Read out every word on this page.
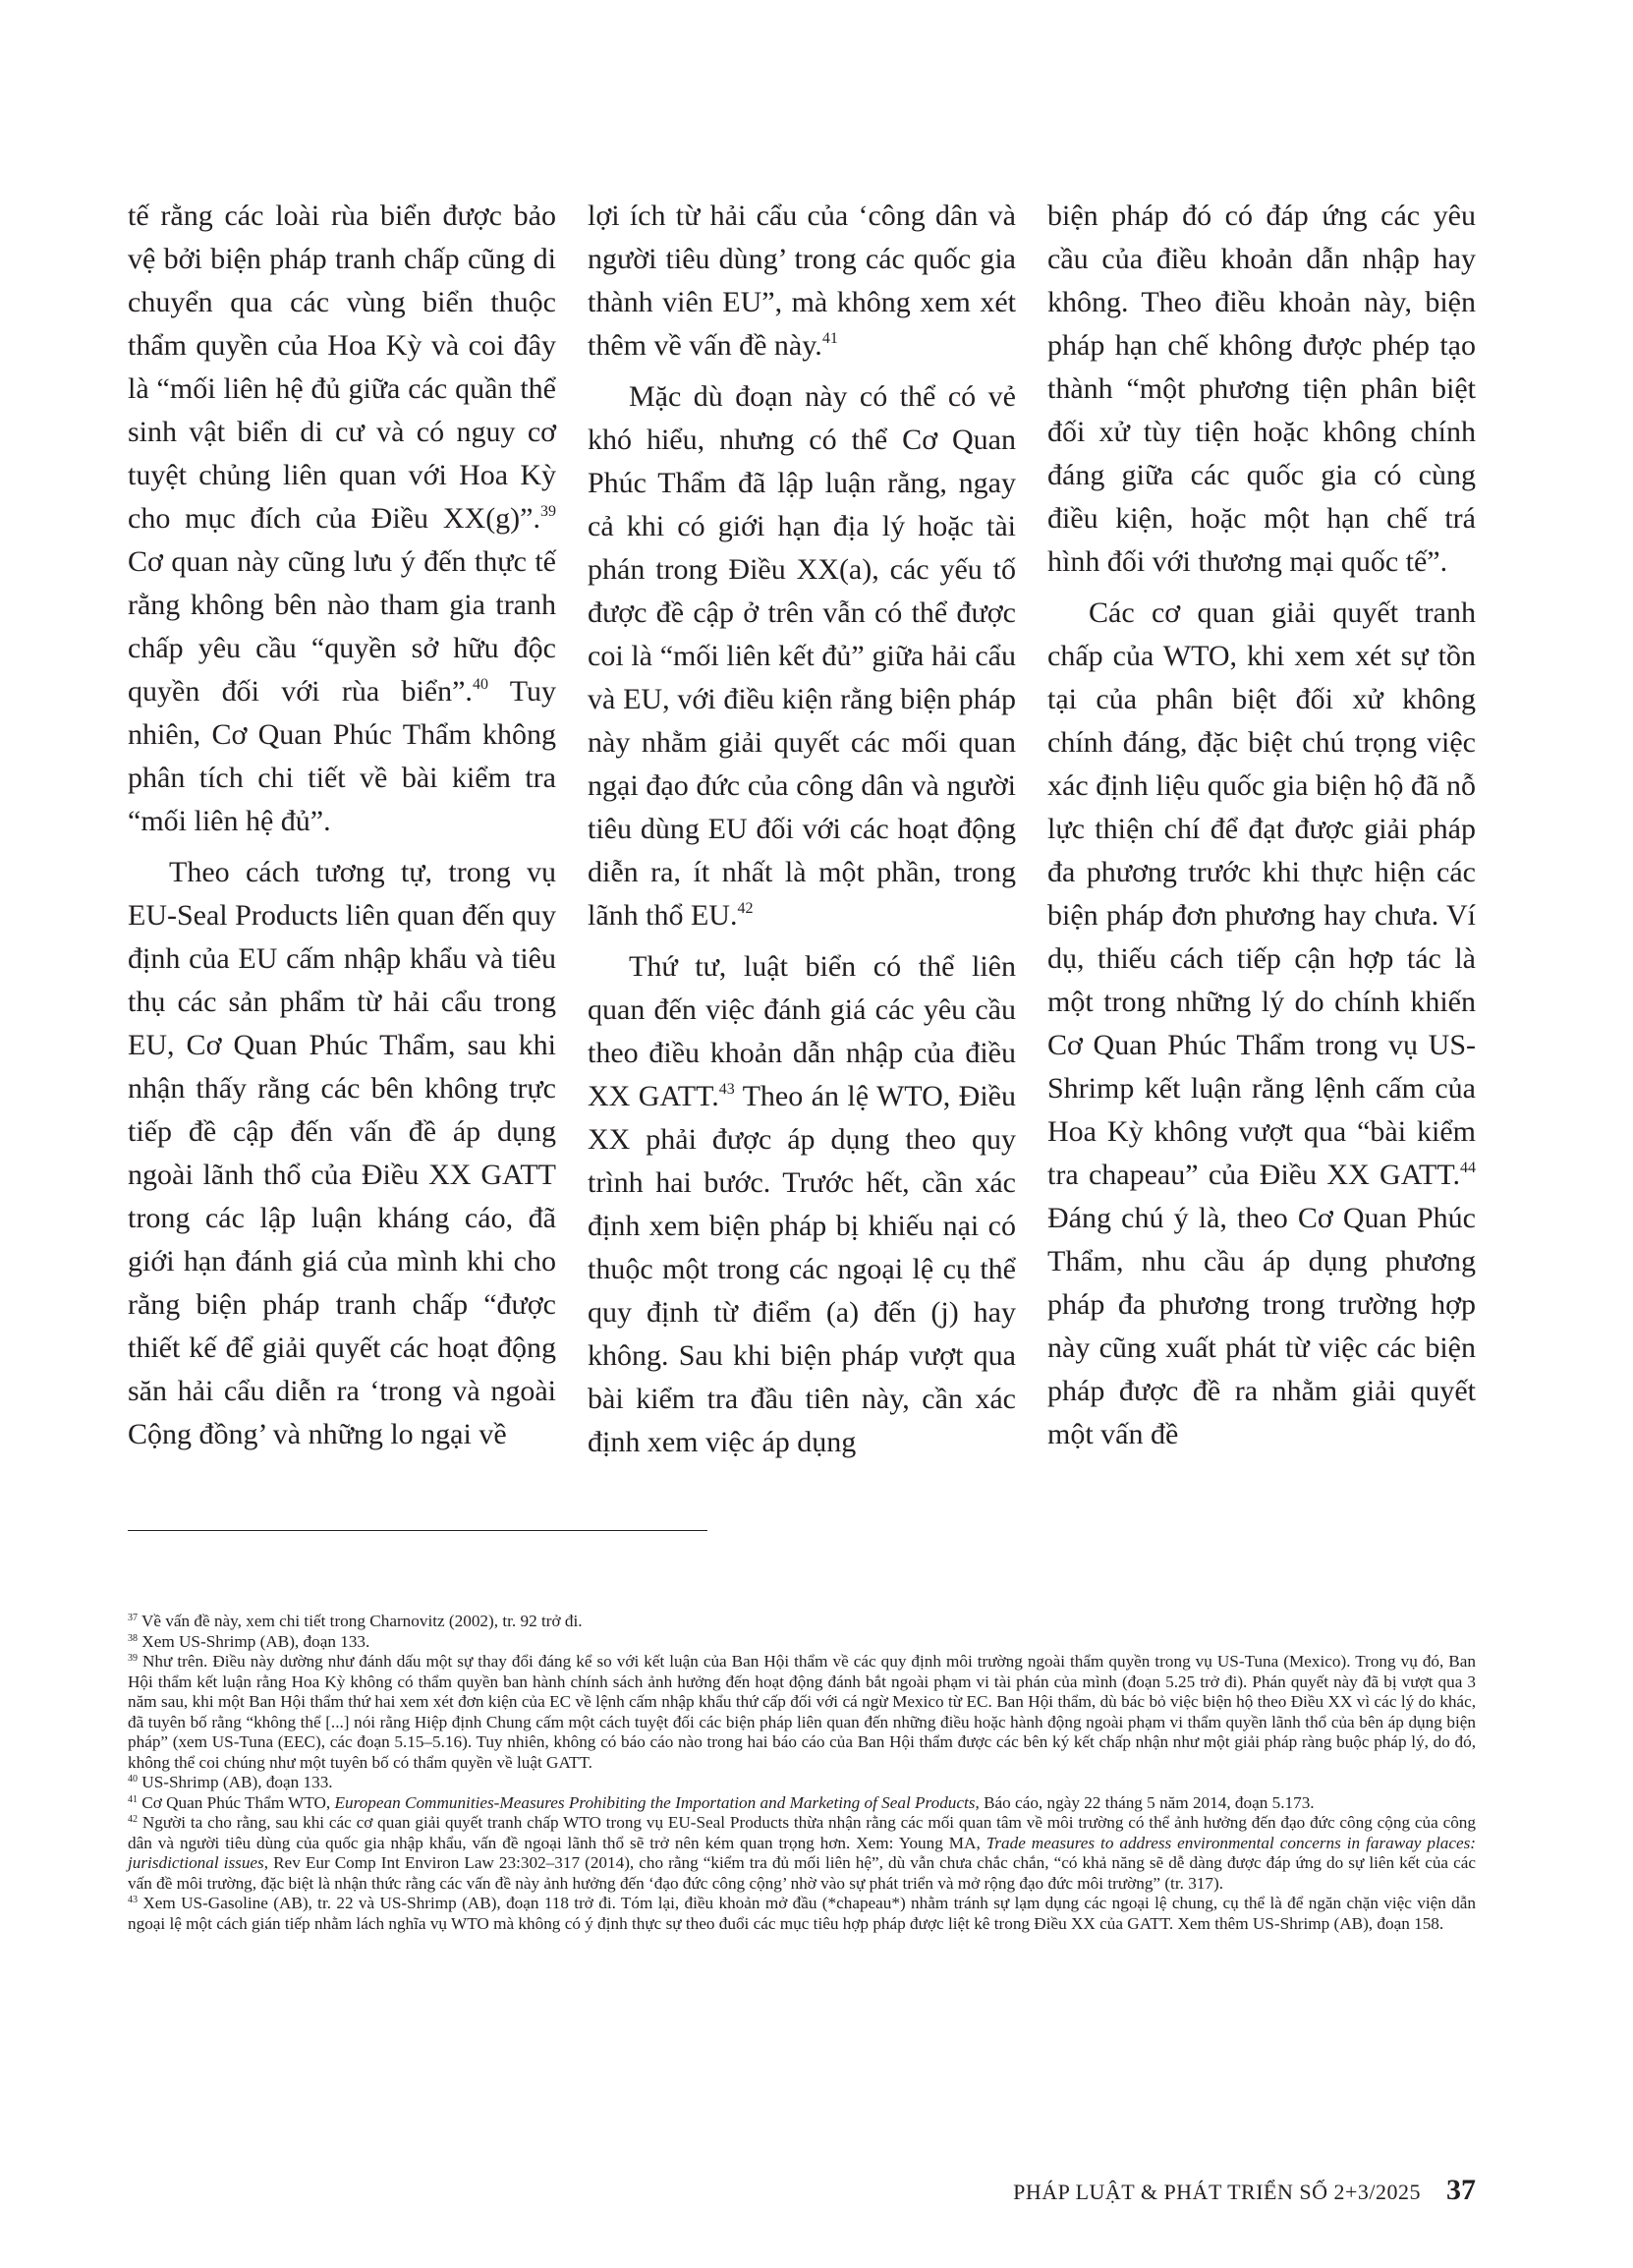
tế rằng các loài rùa biển được bảo vệ bởi biện pháp tranh chấp cũng di chuyển qua các vùng biển thuộc thẩm quyền của Hoa Kỳ và coi đây là “mối liên hệ đủ giữa các quần thể sinh vật biển di cư và có nguy cơ tuyệt chủng liên quan với Hoa Kỳ cho mục đích của Điều XX(g)”.$^{39}$ Cơ quan này cũng lưu ý đến thực tế rằng không bên nào tham gia tranh chấp yêu cầu “quyền sở hữu độc quyền đối với rùa biển”.$^{40}$ Tuy nhiên, Cơ Quan Phúc Thẩm không phân tích chi tiết về bài kiểm tra “mối liên hệ đủ”.

Theo cách tương tự, trong vụ EU-Seal Products liên quan đến quy định của EU cấm nhập khẩu và tiêu thụ các sản phẩm từ hải cẩu trong EU, Cơ Quan Phúc Thẩm, sau khi nhận thấy rằng các bên không trực tiếp đề cập đến vấn đề áp dụng ngoài lãnh thổ của Điều XX GATT trong các lập luận kháng cáo, đã giới hạn đánh giá của mình khi cho rằng biện pháp tranh chấp “được thiết kế để giải quyết các hoạt động săn hải cẩu diễn ra ‘trong và ngoài Cộng đồng’ và những lo ngại về

lợi ích từ hải cẩu của ‘công dân và người tiêu dùng’ trong các quốc gia thành viên EU”, mà không xem xét thêm về vấn đề này.$^{41}$

Mặc dù đoạn này có thể có vẻ khó hiểu, nhưng có thể Cơ Quan Phúc Thẩm đã lập luận rằng, ngay cả khi có giới hạn địa lý hoặc tài phán trong Điều XX(a), các yếu tố được đề cập ở trên vẫn có thể được coi là “mối liên kết đủ” giữa hải cẩu và EU, với điều kiện rằng biện pháp này nhằm giải quyết các mối quan ngại đạo đức của công dân và người tiêu dùng EU đối với các hoạt động diễn ra, ít nhất là một phần, trong lãnh thổ EU.$^{42}$

Thứ tư, luật biển có thể liên quan đến việc đánh giá các yêu cầu theo điều khoản dẫn nhập của điều XX GATT.$^{43}$ Theo án lệ WTO, Điều XX phải được áp dụng theo quy trình hai bước. Trước hết, cần xác định xem biện pháp bị khiếu nại có thuộc một trong các ngoại lệ cụ thể quy định từ điểm (a) đến (j) hay không. Sau khi biện pháp vượt qua bài kiểm tra đầu tiên này, cần xác định xem việc áp dụng

biện pháp đó có đáp ứng các yêu cầu của điều khoản dẫn nhập hay không. Theo điều khoản này, biện pháp hạn chế không được phép tạo thành “một phương tiện phân biệt đối xử tùy tiện hoặc không chính đáng giữa các quốc gia có cùng điều kiện, hoặc một hạn chế trá hình đối với thương mại quốc tế”.

Các cơ quan giải quyết tranh chấp của WTO, khi xem xét sự tồn tại của phân biệt đối xử không chính đáng, đặc biệt chú trọng việc xác định liệu quốc gia biện hộ đã nỗ lực thiện chí để đạt được giải pháp đa phương trước khi thực hiện các biện pháp đơn phương hay chưa. Ví dụ, thiếu cách tiếp cận hợp tác là một trong những lý do chính khiến Cơ Quan Phúc Thẩm trong vụ US-Shrimp kết luận rằng lệnh cấm của Hoa Kỳ không vượt qua “bài kiểm tra chapeau” của Điều XX GATT.$^{44}$ Đáng chú ý là, theo Cơ Quan Phúc Thẩm, nhu cầu áp dụng phương pháp đa phương trong trường hợp này cũng xuất phát từ việc các biện pháp được đề ra nhằm giải quyết một vấn đề

$^{37}$ Về vấn đề này, xem chi tiết trong Charnovitz (2002), tr. 92 trở đi.

$^{38}$ Xem US-Shrimp (AB), đoạn 133.

$^{39}$ Như trên. Điều này dường như đánh dấu một sự thay đổi đáng kể so với kết luận của Ban Hội thẩm về các quy định môi trường ngoài thẩm quyền trong vụ US-Tuna (Mexico). Trong vụ đó, Ban Hội thẩm kết luận rằng Hoa Kỳ không có thẩm quyền ban hành chính sách ảnh hưởng đến hoạt động đánh bắt ngoài phạm vi tài phán của mình (đoạn 5.25 trở đi). Phán quyết này đã bị vượt qua 3 năm sau, khi một Ban Hội thẩm thứ hai xem xét đơn kiện của EC về lệnh cấm nhập khẩu thứ cấp đối với cá ngừ Mexico từ EC. Ban Hội thẩm, dù bác bỏ việc biện hộ theo Điều XX vì các lý do khác, đã tuyên bố rằng “không thể [...] nói rằng Hiệp định Chung cấm một cách tuyệt đối các biện pháp liên quan đến những điều hoặc hành động ngoài phạm vi thẩm quyền lãnh thổ của bên áp dụng biện pháp” (xem US-Tuna (EEC), các đoạn 5.15–5.16). Tuy nhiên, không có báo cáo nào trong hai báo cáo của Ban Hội thẩm được các bên ký kết chấp nhận như một giải pháp ràng buộc pháp lý, do đó, không thể coi chúng như một tuyên bố có thẩm quyền về luật GATT.

$^{40}$ US-Shrimp (AB), đoạn 133.

$^{41}$ Cơ Quan Phúc Thẩm WTO, European Communities-Measures Prohibiting the Importation and Marketing of Seal Products, Báo cáo, ngày 22 tháng 5 năm 2014, đoạn 5.173.

$^{42}$ Người ta cho rằng, sau khi các cơ quan giải quyết tranh chấp WTO trong vụ EU-Seal Products thừa nhận rằng các mối quan tâm về môi trường có thể ảnh hưởng đến đạo đức công cộng của công dân và người tiêu dùng của quốc gia nhập khẩu, vấn đề ngoại lãnh thổ sẽ trở nên kém quan trọng hơn. Xem: Young MA, Trade measures to address environmental concerns in faraway places: jurisdictional issues, Rev Eur Comp Int Environ Law 23:302–317 (2014), cho rằng “kiểm tra đủ mối liên hệ”, dù vẫn chưa chắc chắn, “có khả năng sẽ dễ dàng được đáp ứng do sự liên kết của các vấn đề môi trường, đặc biệt là nhận thức rằng các vấn đề này ảnh hưởng đến ‘đạo đức công cộng’ nhờ vào sự phát triển và mở rộng đạo đức môi trường” (tr. 317).

$^{43}$ Xem US-Gasoline (AB), tr. 22 và US-Shrimp (AB), đoạn 118 trở đi. Tóm lại, điều khoản mở đầu (*chapeau*) nhằm tránh sự lạm dụng các ngoại lệ chung, cụ thể là để ngăn chặn việc viện dẫn ngoại lệ một cách gián tiếp nhằm lách nghĩa vụ WTO mà không có ý định thực sự theo đuổi các mục tiêu hợp pháp được liệt kê trong Điều XX của GATT. Xem thêm US-Shrimp (AB), đoạn 158.

PHÁP LUẬT & PHÁT TRIỂN SỐ 2+3/2025 37
